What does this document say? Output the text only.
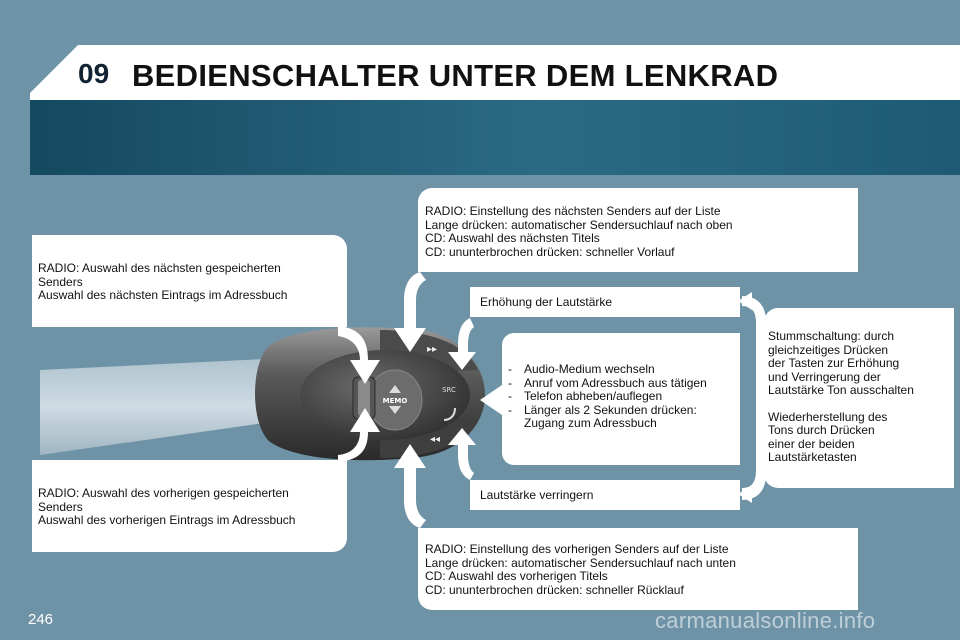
09 BEDIENSCHALTER UNTER DEM LENKRAD
MEMO
SRC
▸▸
◂◂
RADIO: Auswahl des nächsten gespeicherten
Senders
Auswahl des nächsten Eintrags im Adressbuch
RADIO: Auswahl des vorherigen gespeicherten
Senders
Auswahl des vorherigen Eintrags im Adressbuch
RADIO: Einstellung des nächsten Senders auf der Liste
Lange drücken: automatischer Sendersuchlauf nach oben
CD: Auswahl des nächsten Titels
CD: ununterbrochen drücken: schneller Vorlauf
RADIO: Einstellung des vorherigen Senders auf der Liste
Lange drücken: automatischer Sendersuchlauf nach unten
CD: Auswahl des vorherigen Titels
CD: ununterbrochen drücken: schneller Rücklauf
Erhöhung der Lautstärke
Lautstärke verringern
-	Audio-Medium wechseln
-	Anruf vom Adressbuch aus tätigen
-	Telefon abheben/auflegen
-	Länger als 2 Sekunden drücken:
Zugang zum Adressbuch
Stummschaltung: durch
gleichzeitiges Drücken
der Tasten zur Erhöhung
und Verringerung der
Lautstärke Ton ausschalten
Wiederherstellung des
Tons durch Drücken
einer der beiden
Lautstärketasten
246	carmanualsonline.info
